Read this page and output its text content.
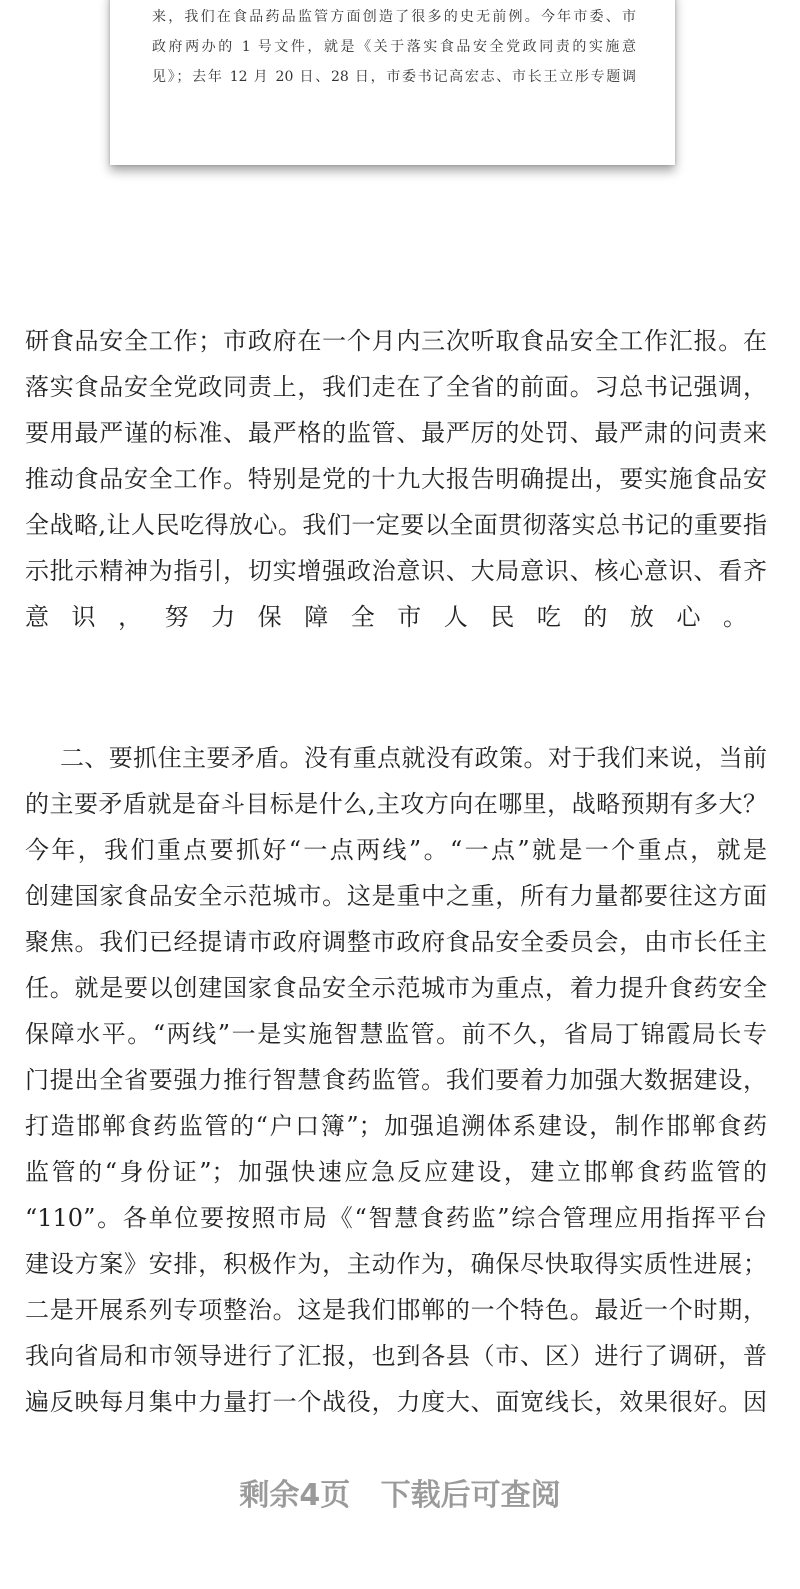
来，我们在食品药品监管方面创造了很多的史无前例。今年市委、市
政府两办的 1 号文件，就是《关于落实食品安全党政同责的实施意
见》；去年 12 月 20 日、28 日，市委书记高宏志、市长王立彤专题调
研食品安全工作；市政府在一个月内三次听取食品安全工作汇报。在
落实食品安全党政同责上，我们走在了全省的前面。习总书记强调，
要用最严谨的标准、最严格的监管、最严厉的处罚、最严肃的问责来
推动食品安全工作。特别是党的十九大报告明确提出，要实施食品安
全战略,让人民吃得放心。我们一定要以全面贯彻落实总书记的重要指
示批示精神为指引，切实增强政治意识、大局意识、核心意识、看齐
意识，努力保障全市人民吃的放心。
二、要抓住主要矛盾。没有重点就没有政策。对于我们来说，当前
的主要矛盾就是奋斗目标是什么,主攻方向在哪里，战略预期有多大？
今年，我们重点要抓好“一点两线”。“一点”就是一个重点，就是
创建国家食品安全示范城市。这是重中之重，所有力量都要往这方面
聚焦。我们已经提请市政府调整市政府食品安全委员会，由市长任主
任。就是要以创建国家食品安全示范城市为重点，着力提升食药安全
保障水平。“两线”一是实施智慧监管。前不久，省局丁锦霞局长专
门提出全省要强力推行智慧食药监管。我们要着力加强大数据建设，
打造邯郸食药监管的“户口簿”；加强追溯体系建设，制作邯郸食药
监管的“身份证”；加强快速应急反应建设，建立邯郸食药监管的
“110”。各单位要按照市局《“智慧食药监”综合管理应用指挥平台
建设方案》安排，积极作为，主动作为，确保尽快取得实质性进展；
二是开展系列专项整治。这是我们邯郸的一个特色。最近一个时期，
我向省局和市领导进行了汇报，也到各县（市、区）进行了调研，普
遍反映每月集中力量打一个战役，力度大、面宽线长，效果很好。因
剩余4页 下载后可查阅
